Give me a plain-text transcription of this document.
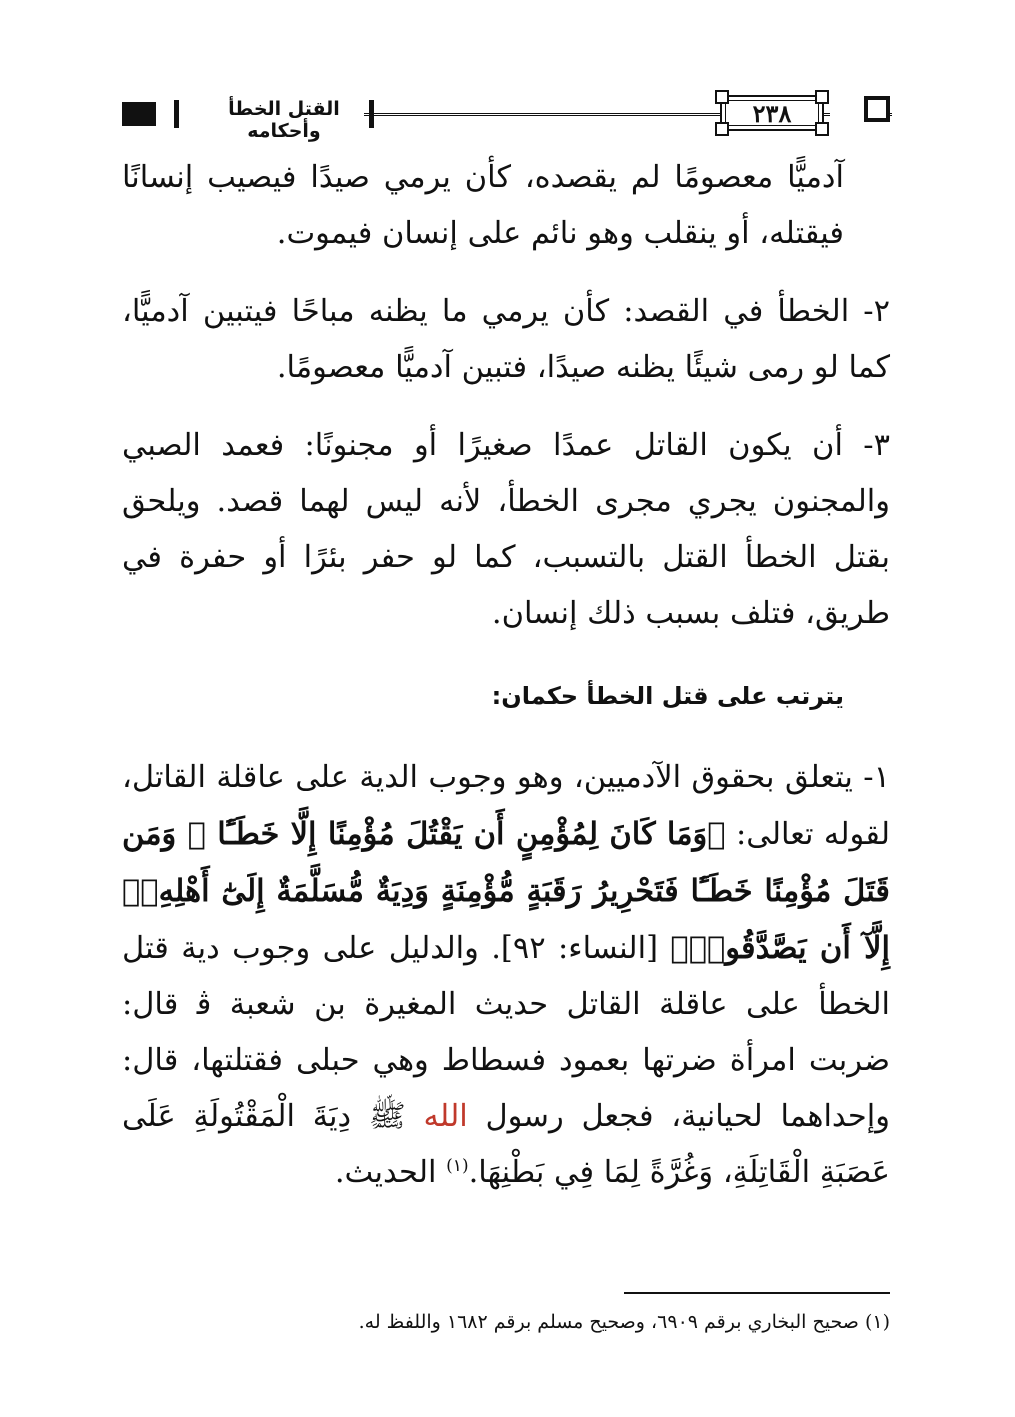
القتل الخطأ وأحكامه
٢٣٨

آدميًّا معصومًا لم يقصده، كأن يرمي صيدًا فيصيب إنسانًا فيقتله، أو ينقلب وهو نائم على إنسان فيموت.

٢- الخطأ في القصد: كأن يرمي ما يظنه مباحًا فيتبين آدميًّا، كما لو رمى شيئًا يظنه صيدًا، فتبين آدميًّا معصومًا.

٣- أن يكون القاتل عمدًا صغيرًا أو مجنونًا: فعمد الصبي والمجنون يجري مجرى الخطأ، لأنه ليس لهما قصد. ويلحق بقتل الخطأ القتل بالتسبب، كما لو حفر بئرًا أو حفرة في طريق، فتلف بسبب ذلك إنسان.

يترتب على قتل الخطأ حكمان:

١- يتعلق بحقوق الآدميين، وهو وجوب الدية على عاقلة القاتل، لقوله تعالى: ﴿وَمَا كَانَ لِمُؤْمِنٍ أَن يَقْتُلَ مُؤْمِنًا إِلَّا خَطَـًٔا ۚ وَمَن قَتَلَ مُؤْمِنًا خَطَـًٔا فَتَحْرِيرُ رَقَبَةٍ مُّؤْمِنَةٍ وَدِيَةٌ مُّسَلَّمَةٌ إِلَىٰٓ أَهْلِهِۦٓ إِلَّآ أَن يَصَّدَّقُوا۟﴾ [النساء: ٩٢]. والدليل على وجوب دية قتل الخطأ على عاقلة القاتل حديث المغيرة بن شعبة ﭬ قال: ضربت امرأة ضرتها بعمود فسطاط وهي حبلى فقتلتها، قال: وإحداهما لحيانية، فجعل رسول الله ﷺ دِيَةَ الْمَقْتُولَةِ عَلَى عَصَبَةِ الْقَاتِلَةِ، وَغُرَّةً لِمَا فِي بَطْنِهَا.$^{(١)}$ الحديث.

(١) صحيح البخاري برقم ٦٩٠٩، وصحيح مسلم برقم ١٦٨٢ واللفظ له.
